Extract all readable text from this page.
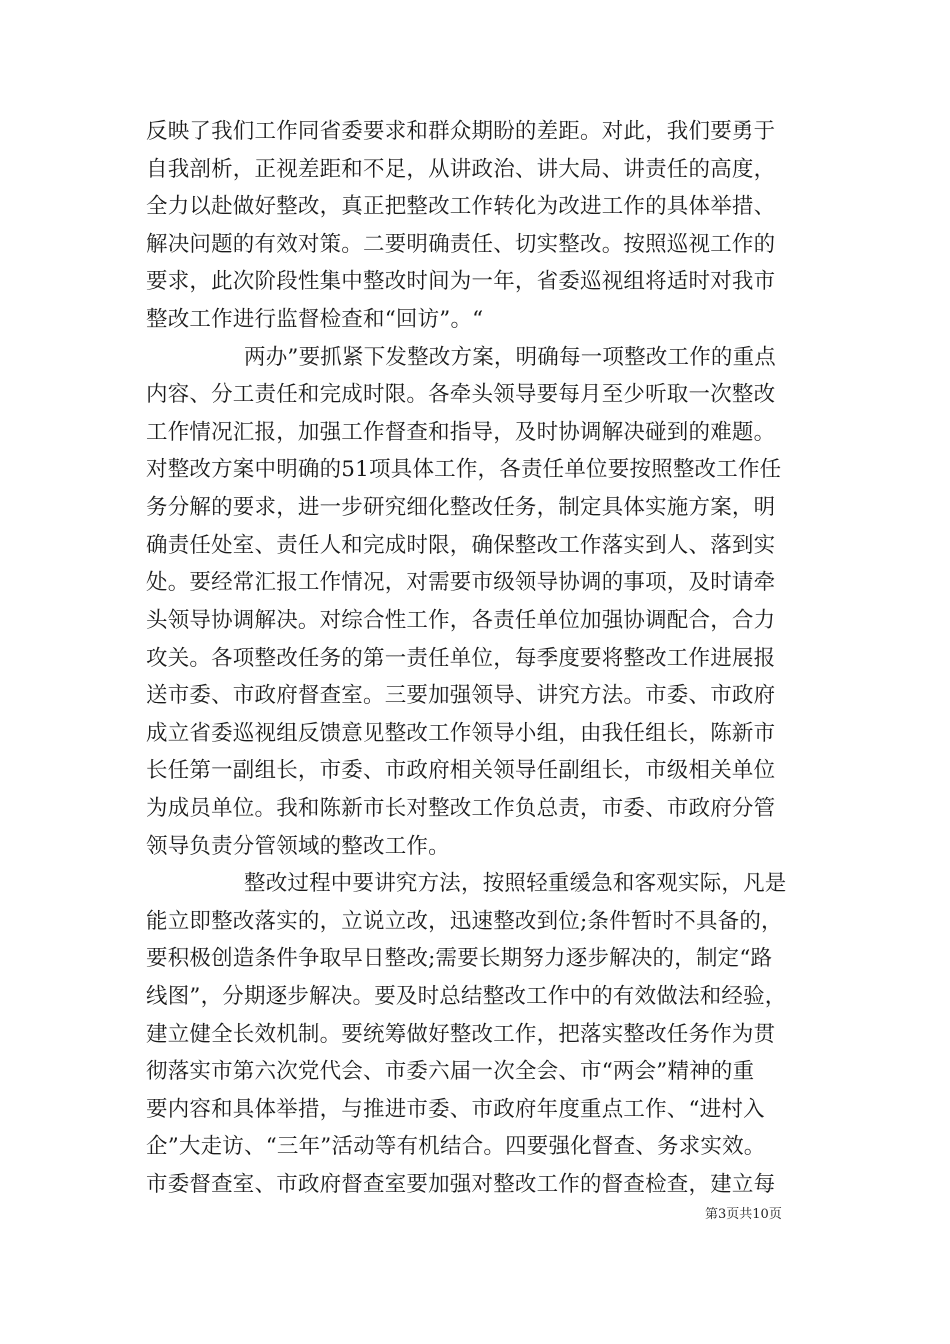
反映了我们工作同省委要求和群众期盼的差距。对此，我们要勇于
自我剖析，正视差距和不足，从讲政治、讲大局、讲责任的高度，
全力以赴做好整改，真正把整改工作转化为改进工作的具体举措、
解决问题的有效对策。二要明确责任、切实整改。按照巡视工作的
要求，此次阶段性集中整改时间为一年，省委巡视组将适时对我市
整改工作进行监督检查和“回访”。“
两办”要抓紧下发整改方案，明确每一项整改工作的重点
内容、分工责任和完成时限。各牵头领导要每月至少听取一次整改
工作情况汇报，加强工作督查和指导，及时协调解决碰到的难题。
对整改方案中明确的51项具体工作，各责任单位要按照整改工作任
务分解的要求，进一步研究细化整改任务，制定具体实施方案，明
确责任处室、责任人和完成时限，确保整改工作落实到人、落到实
处。要经常汇报工作情况，对需要市级领导协调的事项，及时请牵
头领导协调解决。对综合性工作，各责任单位加强协调配合，合力
攻关。各项整改任务的第一责任单位，每季度要将整改工作进展报
送市委、市政府督查室。三要加强领导、讲究方法。市委、市政府
成立省委巡视组反馈意见整改工作领导小组，由我任组长，陈新市
长任第一副组长，市委、市政府相关领导任副组长，市级相关单位
为成员单位。我和陈新市长对整改工作负总责，市委、市政府分管
领导负责分管领域的整改工作。
整改过程中要讲究方法，按照轻重缓急和客观实际，凡是
能立即整改落实的，立说立改，迅速整改到位;条件暂时不具备的，
要积极创造条件争取早日整改;需要长期努力逐步解决的，制定“路
线图”，分期逐步解决。要及时总结整改工作中的有效做法和经验，
建立健全长效机制。要统筹做好整改工作，把落实整改任务作为贯
彻落实市第六次党代会、市委六届一次全会、市“两会”精神的重
要内容和具体举措，与推进市委、市政府年度重点工作、“进村入
企”大走访、“三年”活动等有机结合。四要强化督查、务求实效。
市委督查室、市政府督查室要加强对整改工作的督查检查，建立每
第3页共10页
